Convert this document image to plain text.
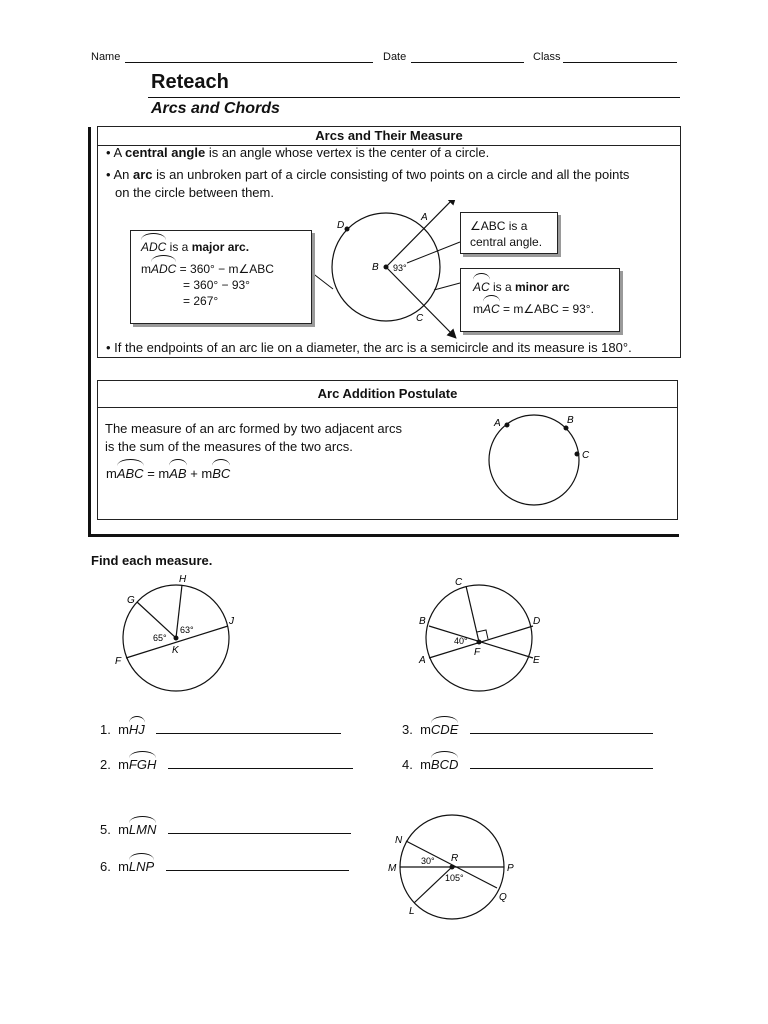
Name	Date	Class
Reteach
Arcs and Chords
Arcs and Their Measure
• A central angle is an angle whose vertex is the center of a circle.
• An arc is an unbroken part of a circle consisting of two points on a circle and all the points
on the circle between them.
D
A
B
C
93°
ADC is a major arc.
mADC = 360° − m∠ABC
= 360° − 93°
= 267°
∠ABC is a
central angle.
AC is a minor arc
mAC = m∠ABC = 93°.
• If the endpoints of an arc lie on a diameter, the arc is a semicircle and its measure is 180°.
Arc Addition Postulate
The measure of an arc formed by two adjacent arcs
is the sum of the measures of the two arcs.
mABC = mAB + mBC
A	B
C
Find each measure.
G
H
J
F
K
65°
63°
B
C
D
A	E
F
40°
1. mHJ
2. mFGH
3. mCDE
4. mBCD
5. mLMN
6. mLNP
N
M
R
P
L
Q
30°
105°
